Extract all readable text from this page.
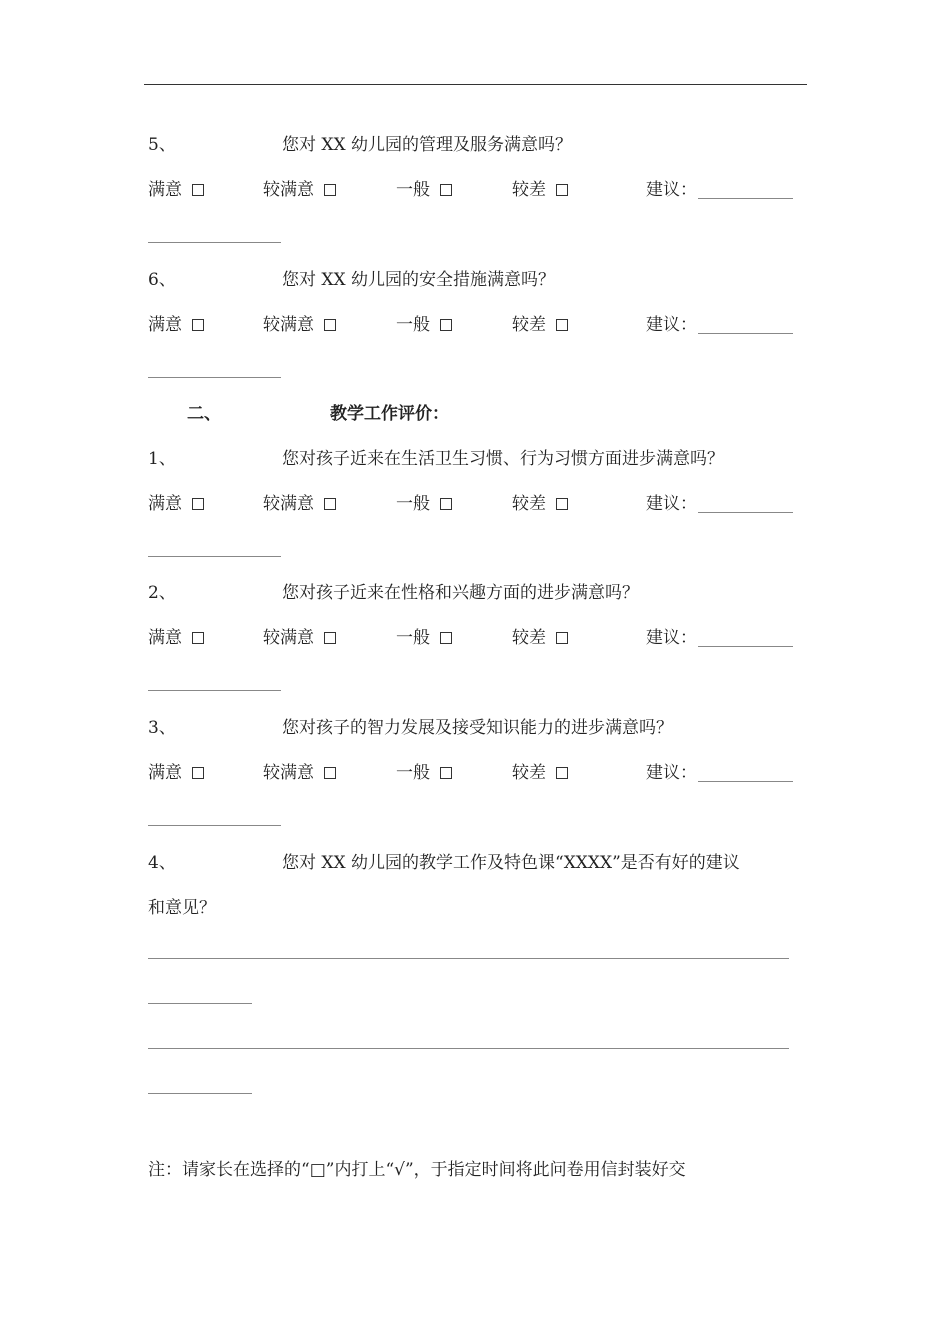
5、	您对 XX 幼儿园的管理及服务满意吗？
满意	较满意	一般	较差	建议：
6、	您对 XX 幼儿园的安全措施满意吗？
满意	较满意	一般	较差	建议：
二、	教学工作评价：
1、	您对孩子近来在生活卫生习惯、行为习惯方面进步满意吗？
满意	较满意	一般	较差	建议：
2、	您对孩子近来在性格和兴趣方面的进步满意吗？
满意	较满意	一般	较差	建议：
3、	您对孩子的智力发展及接受知识能力的进步满意吗？
满意	较满意	一般	较差	建议：
4、	您对 XX 幼儿园的教学工作及特色课“XXXX”是否有好的建议
和意见？
注：请家长在选择的“□”内打上“√”，于指定时间将此问卷用信封装好交
